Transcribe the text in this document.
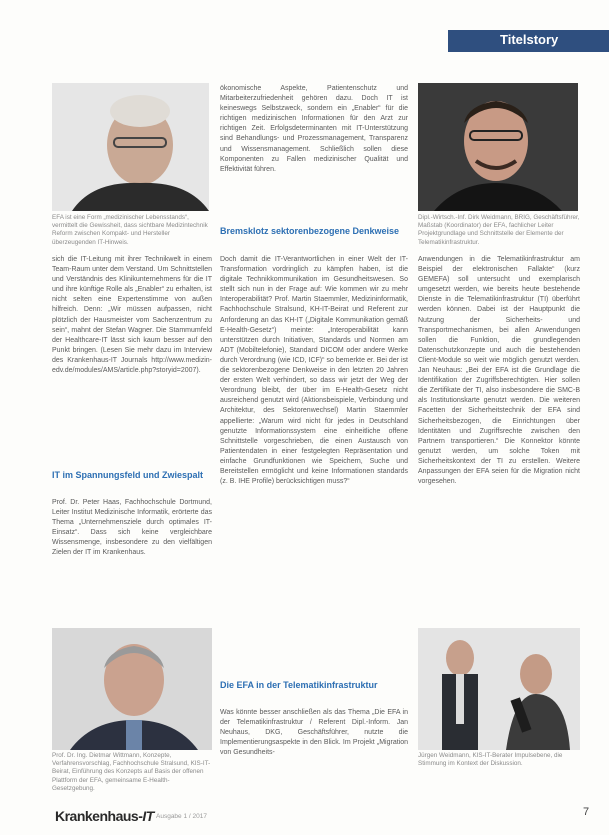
Titelstory
EFA ist eine Form „medizinischer Lebensstands“, vermittelt die Gewissheit, dass sichtbare Medizintechnik Reform zwischen Kompakt‑ und Hersteller überzeugenden IT-Hinweis.
Dipl.-Wirtsch.-Inf. Dirk Weidmann, BRIG, Geschäftsführer, Maßstab (Koordinator) der EFA, fachlicher Leiter Projektgrundlage und Schnittstelle der Elemente der Telematikinfrastruktur.

ökonomische Aspekte, Patientenschutz und Mitarbeiterzufriedenheit gehören dazu. Doch IT ist keineswegs Selbstzweck, sondern ein „Enabler“ für die richtigen medizinischen Informationen für den Arzt zur richtigen Zeit. Erfolgsdeterminanten mit IT-Unterstützung sind Behandlungs- und Prozessmanagement, Transparenz und Wissensmanagement. Schließlich sollen diese Komponenten zu Fallen medizinischer Qualität und Effektivität führen.

Bremsklotz sektorenbezogene Denkweise

sich die IT-Leitung mit ihrer Technikwelt in einem Team-Raum unter dem Verstand. Um Schnittstellen und Verständnis des Klinikunternehmens für die IT und ihre künftige Rolle als „Enabler“ zu erhalten, ist nicht selten eine Expertenstimme von außen hilfreich. Denn: „Wir müssen aufpassen, nicht plötzlich der Hausmeister vom Sachenzentrum zu sein“, mahnt der Stefan Wagner. Die Stammumfeld der Healthcare-IT lässt sich kaum besser auf den Punkt bringen. (Lesen Sie mehr dazu im Interview des Krankenhaus-IT Journals http://www.medizin-edv.de/modules/AMS/article.php?storyid=2007).

IT im Spannungsfeld und Zwiespalt

Prof. Dr. Peter Haas, Fachhochschule Dortmund, Leiter Institut Medizinische Informatik, erörterte das Thema „Unternehmensziele durch optimales IT-Einsatz“. Dass sich keine vergleichbare Wissensmenge, insbesondere zu den vielfältigen Zielen der IT im Krankenhaus.

Doch damit die IT-Verantwortlichen in einer Welt der IT-Transformation vordringlich zu kämpfen haben, ist die digitale Technikkommunikation im Gesundheitswesen. So stellt sich nun in der Frage auf: Wie kommen wir zu mehr Interoperabilität? Prof. Martin Staemmler, Medizininformatik, Fachhochschule Stralsund, KH-IT-Beirat und Referent zur Anforderung an das KH-IT („Digitale Kommunikation gemäß E-Health-Gesetz“) meinte: „Interoperabilität kann unterstützen durch Initiativen, Standards und Normen am ADT (Mobiltelefonie), Standard DICOM oder andere Werke durch Verordnung (wie ICD, ICF)“ so bemerkte er. Bei der ist die sektorenbezogene Denkweise in den letzten 20 Jahren der ersten Welt verhindert, so dass wir jetzt der Weg der Verordnung bleibt, der über im E-Health-Gesetz nicht ausreichend genutzt wird (Aktionsbeispiele, Verbindung und Architektur, des Sektorenwechsel) Martin Staemmler appellierte: „Warum wird nicht für jedes in Deutschland genutzte Informationssystem eine einheitliche offene Schnittstelle vorgeschrieben, die einen Austausch von Patientendaten in einer festgelegten Repräsentation und einfache Grundfunktionen wie Speichern, Suche und Bereitstellen ermöglicht und keine Informationen standards (z. B. IHE Profile) berücksichtigen muss?“

Die EFA in der Telematikinfrastruktur

Was könnte besser anschließen als das Thema „Die EFA in der Telematikinfrastruktur / Referent Dipl.-Inform. Jan Neuhaus, DKG, Geschäftsführer, nutzte die Implementierungsaspekte in den Blick. Im Projekt „Migration von Gesundheits-

Anwendungen in die Telematikinfrastruktur am Beispiel der elektronischen Fallakte“ (kurz GEMEFA) soll untersucht und exemplarisch umgesetzt werden, wie bereits heute bestehende Dienste in die Telematikinfrastruktur (TI) überführt werden können. Dabei ist der Hauptpunkt die Nutzung der Sicherheits- und Transportmechanismen, bei allen Anwendungen sollen die Funktion, die grundlegenden Datenschutzkonzepte und auch die bestehenden Client-Module so weit wie möglich genutzt werden. Jan Neuhaus: „Bei der EFA ist die Grundlage die Identifikation der Zugriffsberechtigten. Hier sollen die Zertifikate der TI, also insbesondere die SMC-B als Institutionskarte genutzt werden. Die weiteren Facetten der Sicherheitstechnik der EFA sind Sicherheitsbezogen, die Einrichtungen über Identitäten und Zugriffsrechte zwischen den Partnern transportieren.“ Die Konnektor könnte genutzt werden, um solche Token mit Sicherheitskontext der TI zu erstellen. Weitere Anpassungen der EFA seien für die Migration nicht vorgesehen.

Prof. Dr. Ing. Dietmar Wittmann, Konzepte, Verfahrensvorschlag, Fachhochschule Stralsund, KIS-IT-Beirat, Einführung des Konzepts auf Basis der offenen Plattform der EFA, gemeinsame E-Health-Gesetzgebung.
Jürgen Weidmann, KIS-IT-Berater Impulsebene, die Stimmung im Kontext der Diskussion.
Krankenhaus-IT Ausgabe 1 / 2017	7
